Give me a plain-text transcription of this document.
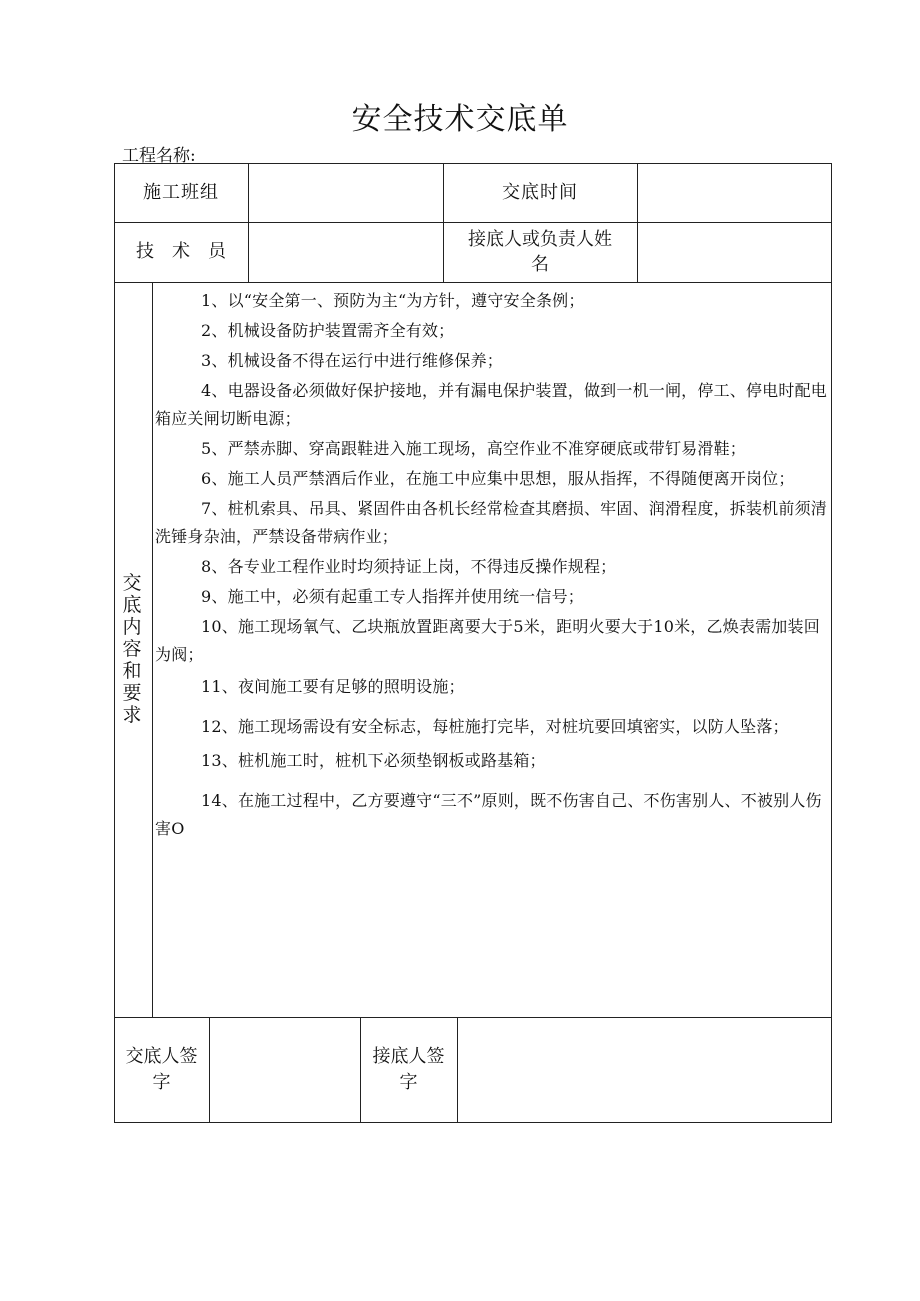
安全技术交底单
工程名称:
施工班组	交底时间
技　术　员
接底人或负责人姓
名
交
底
内
容
和
要
求
1、以“安全第一、预防为主“为方针，遵守安全条例；
2、机械设备防护装置需齐全有效；
3、机械设备不得在运行中进行维修保养；
4、电器设备必须做好保护接地，并有漏电保护装置，做到一机一闸，停工、停电时配电箱应关闸切断电源；
5、严禁赤脚、穿高跟鞋进入施工现场，高空作业不准穿硬底或带钉易滑鞋；
6、施工人员严禁酒后作业，在施工中应集中思想，服从指挥，不得随便离开岗位；
7、桩机索具、吊具、紧固件由各机长经常检查其磨损、牢固、润滑程度，拆装机前须清洗锤身杂油，严禁设备带病作业；
8、各专业工程作业时均须持证上岗，不得违反操作规程；
9、施工中，必须有起重工专人指挥并使用统一信号；
10、施工现场氧气、乙块瓶放置距离要大于5米，距明火要大于10米，乙焕表需加装回为阀；
11、夜间施工要有足够的照明设施；
12、施工现场需设有安全标志，每桩施打完毕，对桩坑要回填密实，以防人坠落；
13、桩机施工时，桩机下必须垫钢板或路基箱；
14、在施工过程中，乙方要遵守“三不”原则，既不伤害自己、不伤害别人、不被别人伤害O
交底人签
字
接底人签
字
